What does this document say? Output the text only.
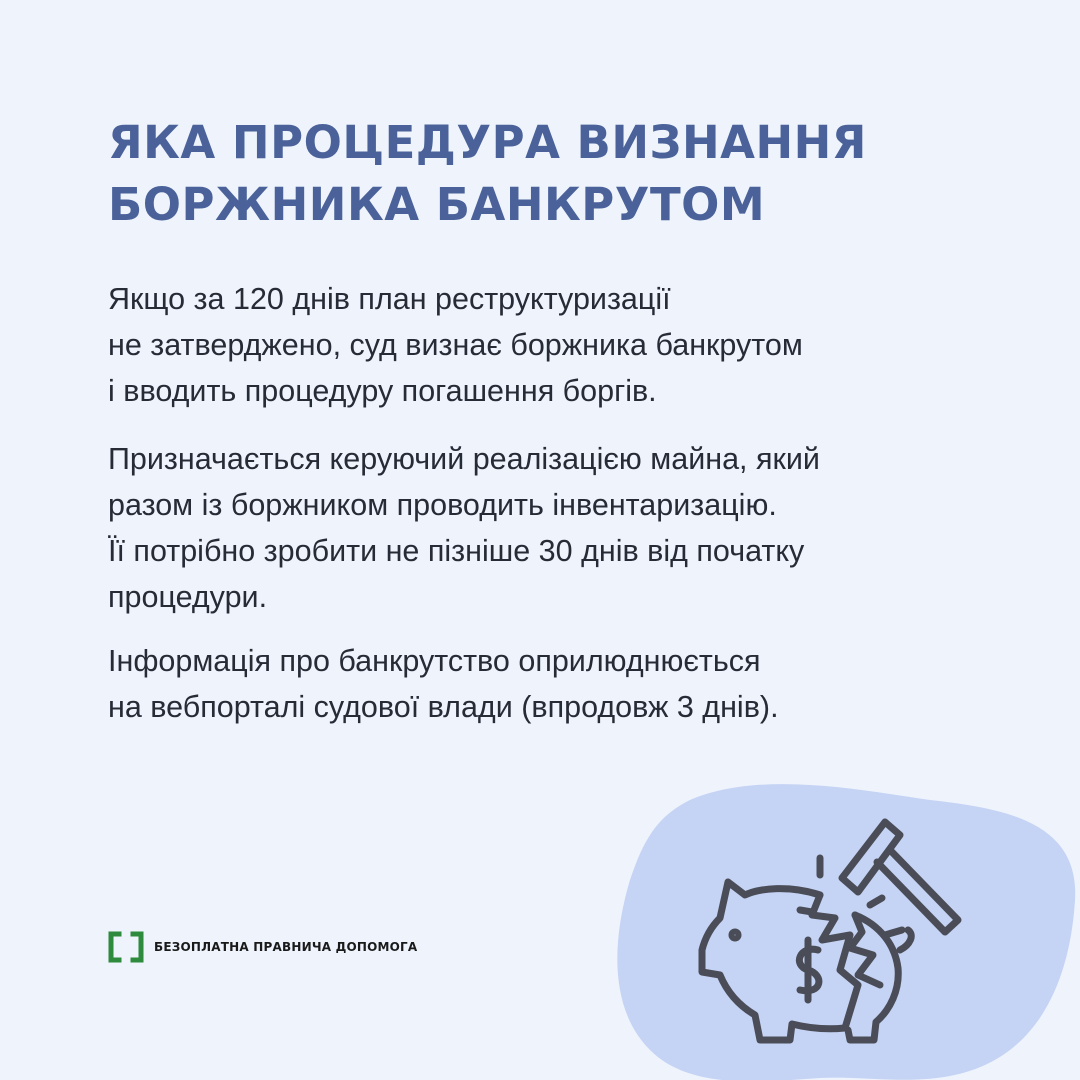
ЯКА ПРОЦЕДУРА ВИЗНАННЯ
БОРЖНИКА БАНКРУТОМ

Якщо за 120 днів план реструктуризації
не затверджено, суд визнає боржника банкрутом
і вводить процедуру погашення боргів.

Призначається керуючий реалізацією майна, який
разом із боржником проводить інвентаризацію.
Її потрібно зробити не пізніше 30 днів від початку
процедури.

Інформація про банкрутство оприлюднюється
на вебпорталі судової влади (впродовж 3 днів).

БЕЗОПЛАТНА ПРАВНИЧА ДОПОМОГА
